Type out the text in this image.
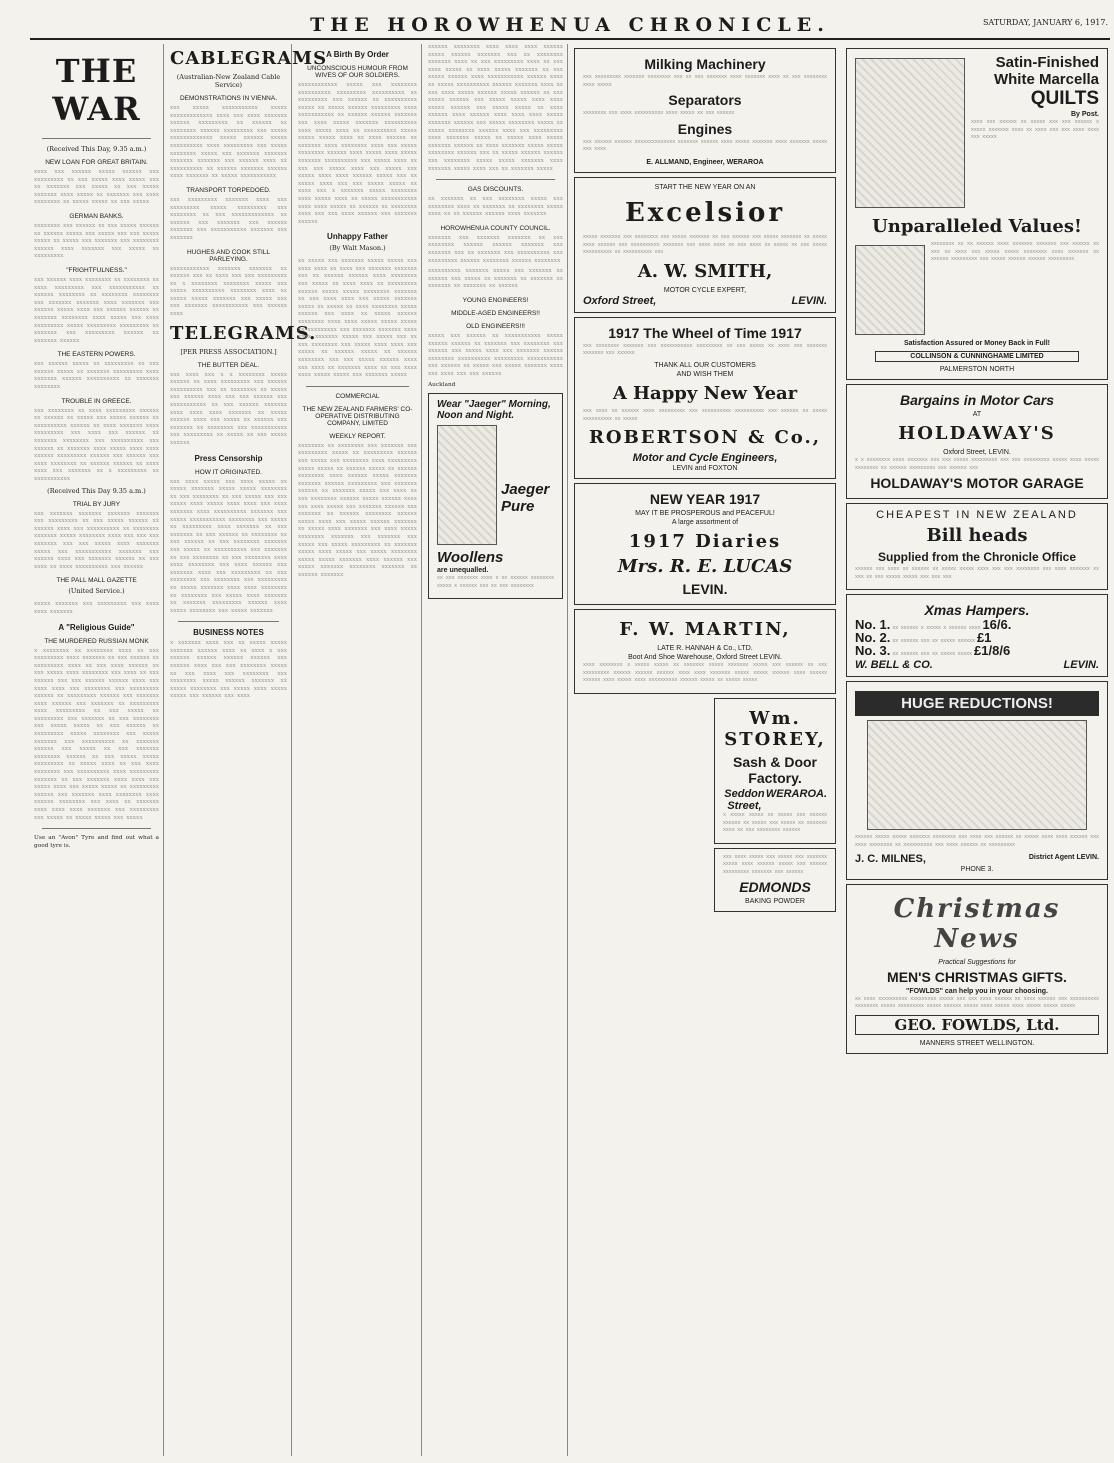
THE HOROWHENUA CHRONICLE.	SATURDAY, JANUARY 6, 1917.
THE WAR
(Received This Day, 9.35 a.m.)
NEW LOAN FOR GREAT BRITAIN.
xxxx xxx xxxxxx xxxxx xxxxxx xxx xxxxxxxxx xx xxx xxxxx xxxx xxxxx xxx xx xxxxxxx xxx xxxxx xx xxx xxxxx xxxxxxx xxxx xxxxx xx xxxxxxx xxx xxxx xxxxxxxx xx xxxxx xxxxx xx xxx xxxxx
GERMAN BANKS.
xxxxxxxx xxx xxxxxx xx xxx xxxxx xxxxxx xx xxxxxx xxxxx xxx xxxxx xxx xxx xxxxx xxxxx xx xxxxx xxx xxxxxxx xxx xxxxxxxx xxxxxx xxxx xxxxxxx xxx xxxxx xx xxxxxxxxx
"FRIGHTFULNESS."
xxx xxxxxx xxxx xxxxxxxx xx xxxxxxxx xx xxxx xxxxxxxxx xxx xxxxxxxxxxx xx xxxxxx xxxxxxxx xx xxxxxxxx xxxxxxxx xxx xxxxxxx xxxxxxx xxxx xxxxxxx xxx xxxxxx xxxxx xxxx xxx xxxxxx xxxxxx xx xxxxxxx xxxxxxxx xxxx xxxxx xxx xxxx xxxxxxxxx xxxxx xxxxxxxxx xxxxxxxxx xx xxxxxxx xxx xxxxxxxxx xxxxxx xx xxxxxxx xxxxxx
THE EASTERN POWERS.
xxx xxxxxx xxxxx xx xxxxxxxxx xx xxx xxxxxx xxxxx xx xxxxxxx xxxxxxxxx xxxx xxxxxxx xxxxxx xxxxxxxxxx xx xxxxxxx xxxxxxxx
TROUBLE IN GREECE.
xxx xxxxxxxx xx xxxx xxxxxxxxx xxxxxx xx xxxxxx xx xxxxx xxx xxxxx xxxxxx xx xxxxxxxxxx xxxxxx xx xxxx xxxxxxx xxxx xxxxxxxxx xxx xxxx xxx xxxxxx xx xxxxxxx xxxxxxxx xxx xxxxxxxxxx xxx xxxxxx xx xxxxxxx xxxx xxxxx xxxx xxxx xxxxxx xxxxxxxxx xxxxxx xxx xxxxxx xxx xxxx xxxxxxxx xx xxxxxx xxxxxx xx xxxx xxxx xxx xxxxxxx xx x xxxxxxxxx xx xxxxxxxxxxx
(Received This Day 9.35 a.m.)
TRIAL BY JURY
xxx xxxxxxx xxxxxxx xxxxxxx xxxxxxx xxx xxxxxxxxx xx xxx xxxxx xxxxxx xx xxxxxx xxxx xxx xxxxxxxxxx xx xxxxxxxx xxxxxxx xxxxx xxxxxxxx xxxx xxx xxx xxx xxxxxxx xxx xxx xxxxx xxxx xxxxxxx xxxxx xxx xxxxxxxxxxx xxxxxxx xxx xxxxxx xxxx xxx xxxxxxx xxxxxx xx xxx xxxx xx xxxx xxxxxxxxxx xxx xxxxxx
THE PALL MALL GAZETTE
(United Service.)
xxxxx xxxxxxx xxx xxxxxxxxx xxx xxxx xxxx xxxxxxx
A "Religious Guide"
THE MURDERED RUSSIAN MONK
x xxxxxxxx xx xxxxxxxx xxxx xx xxx xxxxxxxxx xxxx xxxxxxx xx xxx xxxxxx xx xxxxxxxxx xxxx xx xxx xxxx xxxxxx xx xxx xxxxx xxxx xxxxxxxx xxx xxxx xx xxx xxxxxx xxx xxx xxxxxx xxxxxx xxxx xxx xxxx xxxx xxx xxxxxxxx xxx xxxxxxxxx xxxxxx xx xxxxxxxxx xxxxxx xxx xxxxxxx xxxx xxxxxx xxx xxxxxxx xx xxxxxxxxx xxxx xxxxxxxxx xx xxx xxxxx xx xxxxxxxxx xxx xxxxxxx xx xxx xxxxxxxx xxx xxxxx xxxxx xx xxx xxxxxx xx xxxxxxxxx xxxxx xxxxxxxx xxx xxxxx xxxxxxx xxx xxxxxxxxxx xx xxxxxxx xxxxxx xxx xxxxx xx xxx xxxxxxx xxxxxxxx xxxxxx xx xxx xxxxx xxxxx xxxxxxxxx xx xxxxx xxxx xx xxx xxxx xxxxxxxx xxx xxxxxxxxxx xxxx xxxxxxxxx xxxxxxx xx xxx xxxxxxx xxxx xxxx xxx xxxxx xxxx xxx xxxxx xxxxx xx xxxxxxxxx xxxxxx xxx xxxxxxx xxxx xxxxxxxx xxxx xxxxxx xxxxxxxx xxx xxxx xx xxxxxxx xxxx xxxx xxxx xxxxxxx xxx xxxxxxxxx xxx xxxxx xx xxxxx xxxxx xxx xxxxx
Use an "Avon" Tyre and find out what a good tyre is.
CABLEGRAMS
(Australian-New Zealand Cable Service)
DEMONSTRATIONS IN VIENNA.
xxx xxxxx xxxxxxxxxxx xxxxx xxxxxxxxxxxxx xxxx xxx xxxx xxxxxxx xxxxxx xxxxxxxxx xx xxxxxx xx xxxxxxxx xxxxxx xxxxxxxxx xxx xxxxx xxxxxxxxxxxxx xxxxx xxxxxx xxxxx xxxxxxxxxx xxxx xxxxxxxxx xxx xxxxx xxxxxxxx xxxxx xxx xxxxxxx xxxxxxx xxxxxxx xxxxxxx xxx xxxxxx xxxx xx xxxxxxxxxx xx xxxxxx xxxxxxx xxxxxx xxxx xxxxxxx xx xxxxx xxxxxxxxxxx
TRANSPORT TORPEDOED.
xxx xxxxxxxxx xxxxxxx xxxx xxx xxxxxxxxx xxxxx xxxxxxxxx xxx xxxxxxxx xx xxx xxxxxxxxxxxxx xx xxxxxx xxx xxxxxxx xxx xxxxxx xxxxxxx xxx xxxxxxxxxxx xxxxxxx xxx xxxxxxx
HUGHES AND COOK STILL PARLEYING.
xxxxxxxxxxxx xxxxxxx xxxxxxx xx xxxxxx xxx xx xxxx xxx xxx xxxxxxxxx xx x xxxxxxxx xxxxxxxx xxxxx xxx xxxxx xxxxxxxxxx xxxxxxxx xxxx xx xxxxx xxxxx xxxxxxx xxx xxxxx xxx xxx xxxxxxx xxxxxxxxxxx xxx xxxxxx xxxx
TELEGRAMS.
[PER PRESS ASSOCIATION.]
THE BUTTER DEAL.
xxx xxxx xxx x x xxxxxxxx xxxxx xxxxxx xx xxxx xxxxxxxxx xxx xxxxxx xxxxxxxxxx xxx xx xxxxxxxx xx xxxxx xxx xxxxxx xxxx xxx xxx xxxxxx xxx xxxxxxxxxxx xx xxx xxxxxx xxxxxxx xxxx xxxx xxxx xxxxxxx xx xxxxx xxxxxx xxxx xxx xxxxx xx xxxxxx xxx xxxxxxx xx xxxxxxxx xxx xxxxxxxxxxx xxx xxxxxxxxx xx xxxxx xx xxx xxxxx xxxxxx
Press Censorship
HOW IT ORIGINATED.
xxx xxxx xxxxx xxx xxxx xxxxx xx xxxxx xxxxxxx xxxxx xxxxx xxxxxxxx xx xxx xxxxxxxx xx xxx xxxxx xxx xxx xxxxx xxxx xxxxx xxxx xxxx xxx xxxx xxxxxxx xxxx xxxxxxxxxx xxxxxxx xxx xxxxx xxxxxxxxxxx xxxxxxxx xxx xxxxx xx xxxxxxxxx xxxx xxxxxxx xx xxx xxxxxxx xx xxx xxxxxx xx xxxxxxxx xx xxx xxxxxx xx xxx xxxxxxxx xxxxxxx xxx xxxxx xx xxxxxxxxxx xxx xxxxxxx xx xxx xxxxxxxx xx xxx xxxxxxxx xxxx xxxx xxxxxxxx xxx xxxx xxxxxx xxx xxxxxxx xxxx xxx xxxxxxxxx xx xxx xxxxxxxx xxx xxxxxxxx xxx xxxxxxxxx xx xxxxx xxxxxxx xxxx xxxx xxxxxxxx xx xxxxxxxx xxx xxxxx xxxx xxxxxxx xx xxxxxxx xxxxxxxxx xxxxxx xxxx xxxxx xxxxxxxx xxx xxxxx xxxxxxx
BUSINESS NOTES
x xxxxxxx xxxx xxx xx xxxxx xxxxx xxxxxxx xxxxxx xxxx xx xxxx x xxx xxxxxx xxxxxx xxxxxx xxxxxx xxx xxxxxx xxxx xxx xxx xxxxxxxx xxxxx xx xxx xxxx xxx xxxxxxxx xxx xxxxxxxx xxxxx xxxxxx xxxxxxx xx xxxxx xxxxxxxx xxx xxxxx xxxx xxxxx xxxxx xxx xxxxxx xxx xxxx
A Birth By Order
UNCONSCIOUS HUMOUR FROM WIVES OF OUR SOLDIERS.
xxxxxxxxxxxx xxxxx xxx xxxxxxxx xxxxxxxxxx xxxxxxxxx xxxxxxxxxx xx xxxxxxxxx xxx xxxxxx xx xxxxxxxxxx xxxxx xx xxxxx xxxxxx xxxxxxxxx xxxx xxxxxxxxxxx xx xxxxxx xxxxxx xxxxxxx xxx xxxx xxxxx xxxxxxx xxxxxxxxxx xxxx xxxxx xxxx xx xxxxxxxxxx xxxxx xxxxx xxxxx xxxx xx xxxx xxxxxx xx xxxxxxx xxxx xxxxxxxx xxxx xxx xxxxx xxxxxxxx xxxxxx xxxx xxxxx xxxx xxxxx xxxxxxx xxxxxxxxxx xxx xxxxx xxxx xx xxx xxx xxxxx xxxx xxx xxxxx xxx xxxxx xxxx xxxx xxxxxx xxxxx xxx xx xxxxx xxxx xxx xxx xxxxx xxxxx xx xxxx xxx x xxxxxxx xxxxx xxxxxxxx xxxx xxxxx xxxx xx xxxxx xxxxxxxxxxx xxxx xxxx xxxxx xx xxxxxx xx xxxxxxxx xxxx xxx xxx xxxx xxxxxx xxx xxxxxxx xxxxxx
Unhappy Father
(By Walt Mason.)
xx xxxxx xxx xxxxxxx xxxxx xxxxx xxx xxxx xxxx xx xxxx xxx xxxxxxx xxxxxxx xxx xx xxxxxx xxxxxx xxxx xxxxxxxx xxx xxxxx xx xxxx xxxx xx xxxxxxxxx xxxxxx xxxxx xxxxx xxxxxxxx xxxxxxx xx xxx xxxx xxxx xxx xxxxx xxxxxxx xxxxx xx xxxxx xx xxxx xxxxxxxx xxxxx xxxxxx xxx xxxx xx xxxxx xxxxxx xxxxxxxx xxxx xxxx xxxxx xxxxx xxxxx xx xxxxxxxxx xxx xxxxxxx xxxxxxx xxxx xxxx xxxxxxx xxxxx xxx xxxxx xxx xx xxx xxxxxxxx xxx xxxxx xxxx xxxx xxx xxxxx xx xxxxxx xxxxx xx xxxxxx xxxxxxxx xxx xxx xxxxx xxxxxx xxxx xxx xxxx xx xxxxxxx xxxx xx xxx xxxx xxxx xxxxx xxxxx xxx xxxxxxx xxxxx
COMMERCIAL
THE NEW ZEALAND FARMERS' CO-OPERATIVE DISTRIBUTING COMPANY, LIMITED
WEEKLY REPORT.
xxxxxxxx xx xxxxxxxx xxx xxxxxxx xxx xxxxxxxxx xxxxx xx xxxxxxxxx xxxxxx xxx xxxxx xxx xxxxxxxx xxxx xxxxxxxxx xxxxx xxxxx xx xxxxxx xxxxx xx xxxxxx xxxxxxxx xxxx xxxxxx xxxxx xxxxxxx xxxxxxx xxxxxx xxxxxxxxx xxx xxxxxxx xxxxxx xx xxxxxxx xxxxx xxx xxxx xx xxx xxxxxxxx xxxxxx xxxxx xxxxxx xxxx xxx xxxx xxxxx xxx xxxxxxx xxxxxx xxx xxxxxxx xx xxxxxx xxxxxxxx xxxxxx xxxxx xxxx xxx xxxxx xxxxxx xxxxxxx xx xxxxx xxxx xxxxxxx xxx xxxx xxxxx xxxxxxxx xxxxxxx xxx xxxxxxx xxx xxxxx xxx xxxxx xxxxxxxxx xx xxxxxxx xxxxx xxxx xxxxx xxx xxxxx xxxxxxxx xxxxx xxxxx xxxxxxx xxxx xxxxxx xxx xxxxx xxxxxxx xxxxxxxx xxxxxxx xx xxxxxx xxxxxxx
xxxxxx xxxxxxxx xxxx xxxx xxxx xxxxxx xxxxx xxxxxx xxxxxxx xxx xx xxxxxxxx xxxxxxx xxxx xx xxx xxxxxxxxx xxxx xx xxx xxxx xxxxx xx xxxx xxxxx xxxxxxx xx xxx xxxxx xxxxxx xxxx xxxxxxxxxxx xxxxxx xxxx xx xxxxx xxxxxxxxxx xxxxxx xxxxxxx xxxx xx xxx xxxx xxxxx xxxxxx xxxxx xxxxxx xx xxx xxxxx xxxxxx xxx xxxxx xxxxx xxxx xxxx xxxxx xxxxxx xxx xxxxx xxxxx xx xxxx xxxxxx xxxx xxxxxx xxxx xxxx xxxx xxxxx xxxxxxx xxxxxx xxx xxxxx xxxxxxxx xxxxx xx xxxxx xxxxxxxx xxxxxx xxxx xxx xxxxxxxxx xxxx xxxxxxx xxxxx xx xxxxx xxxx xxxxx xxxxxxx xxxxxx xx xxxx xxxxxxx xxxxx xxxxx xxxxxxxx xxxxxx xxx xx xxxxx xxxxxx xxxxxx xxx xxxxxxxx xxxxx xxxxx xxxxxxx xxxx xxxxxxx xxxxx xxxx xxx xx xxxxxxx xxxxx
GAS DISCOUNTS.
xx xxxxxxx xx xxx xxxxxxxx xxxxx xxx xxxxxxxx xxxx xx xxxxxxx xx xxxxxxxx xxxxx xxxx xx xx xxxxxx xxxxxx xxxx xxxxxxx
HOROWHENUA COUNTY COUNCIL.
xxxxxxx xxx xxxxxxx xxxxxxx xx xxx xxxxxxxx xxxxxx xxxxxx xxxxxxx xxx xxxxxxx xxx xx xxxxxxx xxx xxxxxxxxxx xxx xxxxxxxxx xxxxxx xxxxxxxx xxxxxx xxxxxxxx
xxxxxxxxxx xxxxxxx xxxxx xxx xxxxxxx xx xxxxxx xxx xxxxx xx xxxxxxx xx xxxxxxx xx xxxxxxx xx xxxxxxx xx xxxxxx
YOUNG ENGINEERS!
MIDDLE-AGED ENGINEERS!!
OLD ENGINEERS!!!
xxxxx xxx xxxxxx xx xxxxxxxxxxx xxxxx xxxxxx xxxxxx xx xxxxxxx xxx xxxxxxxx xxx xxxxxx xxx xxxxx xxxx xxx xxxxxxx xxxxxx xxxxxxxx xxxxxxxxxx xxxxxxxxx xxxxxxxxxxx xxx xxxxxx xx xxxxx xxx xxxxx xxxxxxx xxxx xxx xxxx xxx xxx xxxxxx
Auckland
Wear "Jaeger" Morning, Noon and Night.
Jaeger Pure Woollens
are unequalled.
xx xxx xxxxxxx xxxx x xx xxxxxx xxxxxxxx xxxxx x xxxxxx xxx xx xxx xxxxxxxx
Milking Machinery
xxx xxxxxxxxx xxxxxxx xxxxxxxx xxx xx xxx xxxxxxx xxxx xxxxxxx xxxx xx xxx xxxxxxxx xxxx xxxxx
Separators
xxxxxxxx xxx xxxx xxxxxxxxxx xxxx xxxxx xx xxx xxxxxx
Engines
xxx xxxxxx xxxxxx xxxxxxxxxxxxxx xxxxxxx xxxxxx xxxx xxxxx xxxxxxx xxxx xxxxxxx xxxxx xxx xxxx
E. ALLMAND, Engineer, WERAROA
START THE NEW YEAR ON AN
Excelsior
xxxxx xxxxxxx xxx xxxxxxxx xxx xxxxx xxxxxxx xx xxx xxxxxx xxx xxxxx xxxxxxx xx xxxxx xxxx xxxxxx xxx xxxxxxxxxx xxxxxxx xxx xxxx xxxx xx xxx xxxx xx xxxxx xx xxx xxxxx xxxxxxxxxx xx xxxxxxxxxx xxx
A. W. SMITH,
MOTOR CYCLE EXPERT,
Oxford Street,	LEVIN.
1917 The Wheel of Time 1917
xxx xxxxxxxx xxxxxxx xxx xxxxxxxxxxx xxxxxxxxx xx xxx xxxxx xx xxxx xxx xxxxxxx xxxxxxx xxx xxxxxx
THANK ALL OUR CUSTOMERS
AND WISH THEM
A Happy New Year
xxx xxxx xx xxxxxx xxxx xxxxxxxxx xxx xxxxxxxxxx xxxxxxxxxx xxx xxxxxx xx xxxxx xxxxxxxxxx xx xxxxx
ROBERTSON & Co.,
Motor and Cycle Engineers,
LEVIN and FOXTON
NEW YEAR 1917
MAY IT BE PROSPEROUS and PEACEFUL!
A large assortment of
1917 Diaries
Mrs. R. E. LUCAS
LEVIN.
F. W. MARTIN,
LATE R. HANNAH & Co., LTD.
Boot And Shoe Warehouse, Oxford Street LEVIN.
xxxx xxxxxxxx x xxxxx xxxxx xx xxxxxxx xxxxx xxxxxxx xxxxx xxx xxxxxx xx xxx xxxxxxxxx xxxxxx xxxxxx xxxxxx xxxx xxxx xxxxxxx xxxxx xxxxx xxxxxx xxxx xxxxxx xxxxxx xxxx xxxxx xxxx xxxxxxxxxx xxxxxx xxxxx xx xxxxx xxxxx
Wm. STOREY,
Sash & Door Factory.
Seddon Street,
WERAROA.
x xxxxx xxxxx xx xxxxx xxx xxxxxx xxxxxx xx xxxxx xxx xxxxx xx xxxxxxx xxxx xx xxx xxxxxxxx xxxxxx
xxx xxxx xxxxx xxx xxxxx xxx xxxxxxx xxxxx xxxx xxxxxx xxxxx xxx xxxxxx xxxxxxxxx xxxxxxx xxx xxxxxx
EDMONDS
BAKING POWDER
Satin-Finished
White Marcella
QUILTS
By Post.
xxxx xxx xxxxxx xx xxxxx xxx xxx xxxxxx x xxxxx xxxxxxx xxxx xx xxxx xxx xxx xxxx xxxx xxx xxxxx
Unparalleled Values!
xxxxxxxx xx xx xxxxxx xxxx xxxxxxx xxxxxxx xxx xxxxxx xx xxx xx xxxx xxx xxxxx xxxxx xxxxxxxx xxxx xxxxxxx xx xxxxxx xxxxxxxxx xxx xxxxx xxxxxx xxxxxx xxxxxxxxx
Satisfaction Assured or Money Back in Full!
COLLINSON & CUNNINGHAME LIMITED
PALMERSTON NORTH
Bargains in Motor Cars
AT
HOLDAWAY'S
Oxford Street, LEVIN.
x x xxxxxxxx xxxx xxxxxxx xxx xxx xxxxx xxxxxxxxx xxx xxx xxxxxxxxx xxxxx xxxx xxxxx xxxxxxxx xx xxxxxx xxxxxxxxx xxx xxxxxx xxx
HOLDAWAY'S MOTOR GARAGE
CHEAPEST IN NEW ZEALAND
Bill heads
Supplied from the Chronicle Office
xxxxxx xxx xxxx xx xxxxxx xx xxxxx xxxxx xxxx xxx xxx xxxxxxxx xxx xxxx xxxxxxx xx xxx xx xxx xxxxx xxxxx xxx xxx xxx
Xmas Hampers.
No. 1. xx xxxxxx x xxxxx x xxxxxx xxxx 16/6.
No. 2. xx xxxxxx xxx xx xxxxx xxxxxx £1
No. 3. xx xxxxxx xxx xx xxxxx xxxxx £1/8/6
W. BELL & CO.	LEVIN.
HUGE REDUCTIONS!
xxxxxx xxxxx xxxxx xxxxxxx xxxxxxxx xxx xxxx xxx xxxxxx xx xxxxx xxxx xxxx xxxxxx xxx xxxx xxxxxxxx xx xxxxxxxxxx xxx xxxx xxxxxx xx xxxxxxxxx
J. C. MILNES,	District Agent LEVIN.
PHONE 3.
Christmas News
Practical Suggestions for
MEN'S CHRISTMAS GIFTS.
"FOWLDS" can help you in your choosing.
xx xxxx xxxxxxxxxx xxxxxxxxx xxxxx xxx xxx xxxx xxxxxx xx xxxx xxxxxx xxx xxxxxxxxxx xxxxxxxx xxxxx xxxxxxxxx xxxxx xxxxxx xxxxx xxxx xxxxx xxxx xxxxx xxxxx xxxxx
GEO. FOWLDS, Ltd.
MANNERS STREET WELLINGTON.
